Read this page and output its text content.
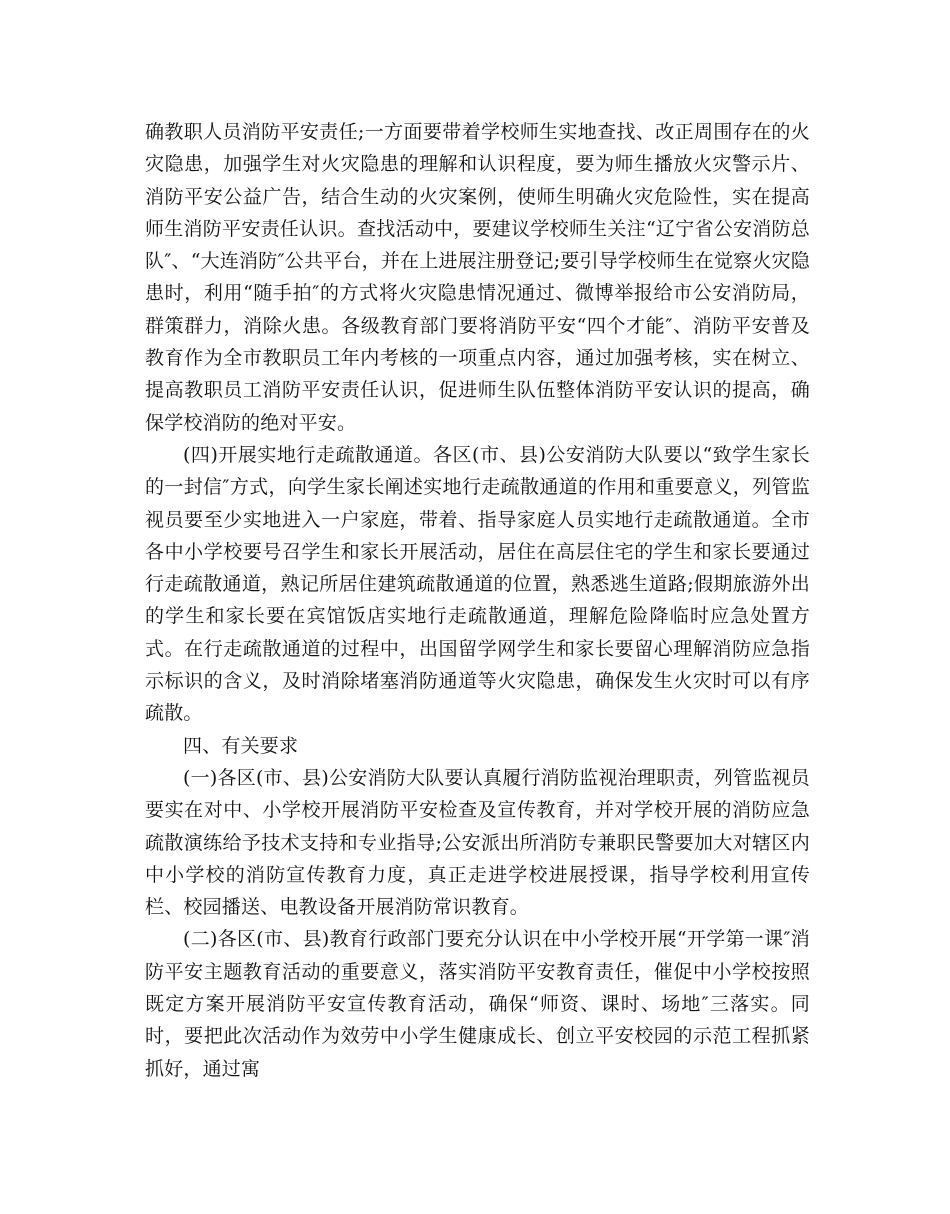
确教职人员消防平安责任;一方面要带着学校师生实地查找、改正周围存在的火灾隐患，加强学生对火灾隐患的理解和认识程度，要为师生播放火灾警示片、消防平安公益广告，结合生动的火灾案例，使师生明确火灾危险性，实在提高师生消防平安责任认识。查找活动中，要建议学校师生关注“辽宁省公安消防总队″、“大连消防″公共平台，并在上进展注册登记;要引导学校师生在觉察火灾隐患时，利用“随手拍″的方式将火灾隐患情况通过、微博举报给市公安消防局，群策群力，消除火患。各级教育部门要将消防平安“四个才能″、消防平安普及教育作为全市教职员工年内考核的一项重点内容，通过加强考核，实在树立、提高教职员工消防平安责任认识，促进师生队伍整体消防平安认识的提高，确保学校消防的绝对平安。

(四)开展实地行走疏散通道。各区(市、县)公安消防大队要以“致学生家长的一封信″方式，向学生家长阐述实地行走疏散通道的作用和重要意义，列管监视员要至少实地进入一户家庭，带着、指导家庭人员实地行走疏散通道。全市各中小学校要号召学生和家长开展活动，居住在高层住宅的学生和家长要通过行走疏散通道，熟记所居住建筑疏散通道的位置，熟悉逃生道路;假期旅游外出的学生和家长要在宾馆饭店实地行走疏散通道，理解危险降临时应急处置方式。在行走疏散通道的过程中，出国留学网学生和家长要留心理解消防应急指示标识的含义，及时消除堵塞消防通道等火灾隐患，确保发生火灾时可以有序疏散。

四、有关要求

(一)各区(市、县)公安消防大队要认真履行消防监视治理职责，列管监视员要实在对中、小学校开展消防平安检查及宣传教育，并对学校开展的消防应急疏散演练给予技术支持和专业指导;公安派出所消防专兼职民警要加大对辖区内中小学校的消防宣传教育力度，真正走进学校进展授课，指导学校利用宣传栏、校园播送、电教设备开展消防常识教育。

(二)各区(市、县)教育行政部门要充分认识在中小学校开展“开学第一课″消防平安主题教育活动的重要意义，落实消防平安教育责任，催促中小学校按照既定方案开展消防平安宣传教育活动，确保“师资、课时、场地″三落实。同时，要把此次活动作为效劳中小学生健康成长、创立平安校园的示范工程抓紧抓好，通过寓
